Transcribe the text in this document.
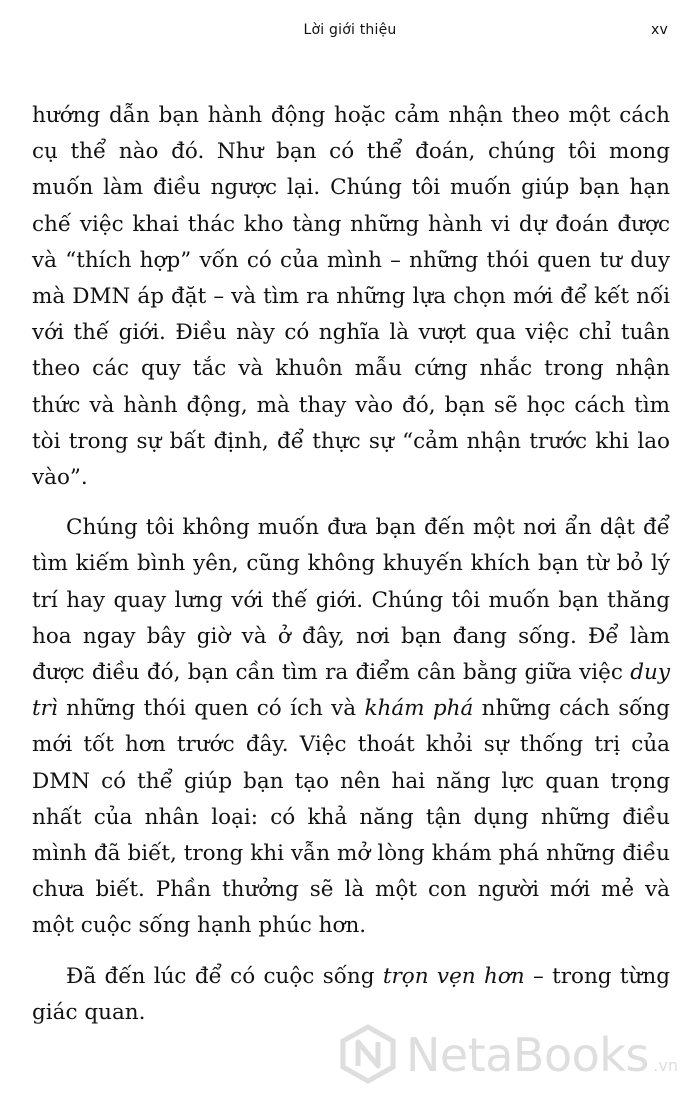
Lời giới thiệu	xv

hướng dẫn bạn hành động hoặc cảm nhận theo một cách cụ thể nào đó. Như bạn có thể đoán, chúng tôi mong muốn làm điều ngược lại. Chúng tôi muốn giúp bạn hạn chế việc khai thác kho tàng những hành vi dự đoán được và “thích hợp” vốn có của mình – những thói quen tư duy mà DMN áp đặt – và tìm ra những lựa chọn mới để kết nối với thế giới. Điều này có nghĩa là vượt qua việc chỉ tuân theo các quy tắc và khuôn mẫu cứng nhắc trong nhận thức và hành động, mà thay vào đó, bạn sẽ học cách tìm tòi trong sự bất định, để thực sự “cảm nhận trước khi lao vào”.

Chúng tôi không muốn đưa bạn đến một nơi ẩn dật để tìm kiếm bình yên, cũng không khuyến khích bạn từ bỏ lý trí hay quay lưng với thế giới. Chúng tôi muốn bạn thăng hoa ngay bây giờ và ở đây, nơi bạn đang sống. Để làm được điều đó, bạn cần tìm ra điểm cân bằng giữa việc duy trì những thói quen có ích và khám phá những cách sống mới tốt hơn trước đây. Việc thoát khỏi sự thống trị của DMN có thể giúp bạn tạo nên hai năng lực quan trọng nhất của nhân loại: có khả năng tận dụng những điều mình đã biết, trong khi vẫn mở lòng khám phá những điều chưa biết. Phần thưởng sẽ là một con người mới mẻ và một cuộc sống hạnh phúc hơn.

Đã đến lúc để có cuộc sống trọn vẹn hơn – trong từng giác quan.

NetaBooks .vn
